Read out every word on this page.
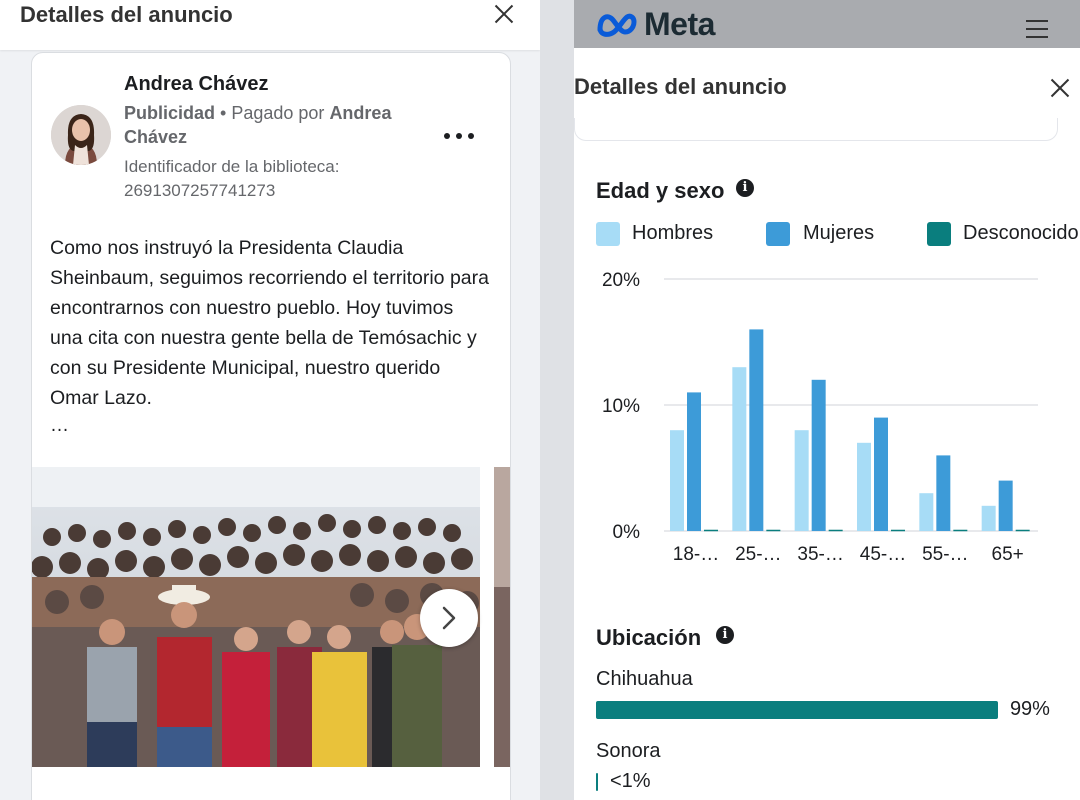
Detalles del anuncio
Andrea Chávez
Publicidad • Pagado por Andrea Chávez
Identificador de la biblioteca:
2691307257741273
Como nos instruyó la Presidenta Claudia Sheinbaum, seguimos recorriendo el territorio para encontrarnos con nuestro pueblo. Hoy tuvimos una cita con nuestra gente bella de Temósachic y con su Presidente Municipal, nuestro querido Omar Lazo.
…
Meta
Detalles del anuncio
Edad y sexo	i
Hombres	Mujeres	Desconocido
0%
10%
20%
18-… 25-… 35-… 45-… 55-… 65+
Ubicación	i
Chihuahua
99%
Sonora
<1%
